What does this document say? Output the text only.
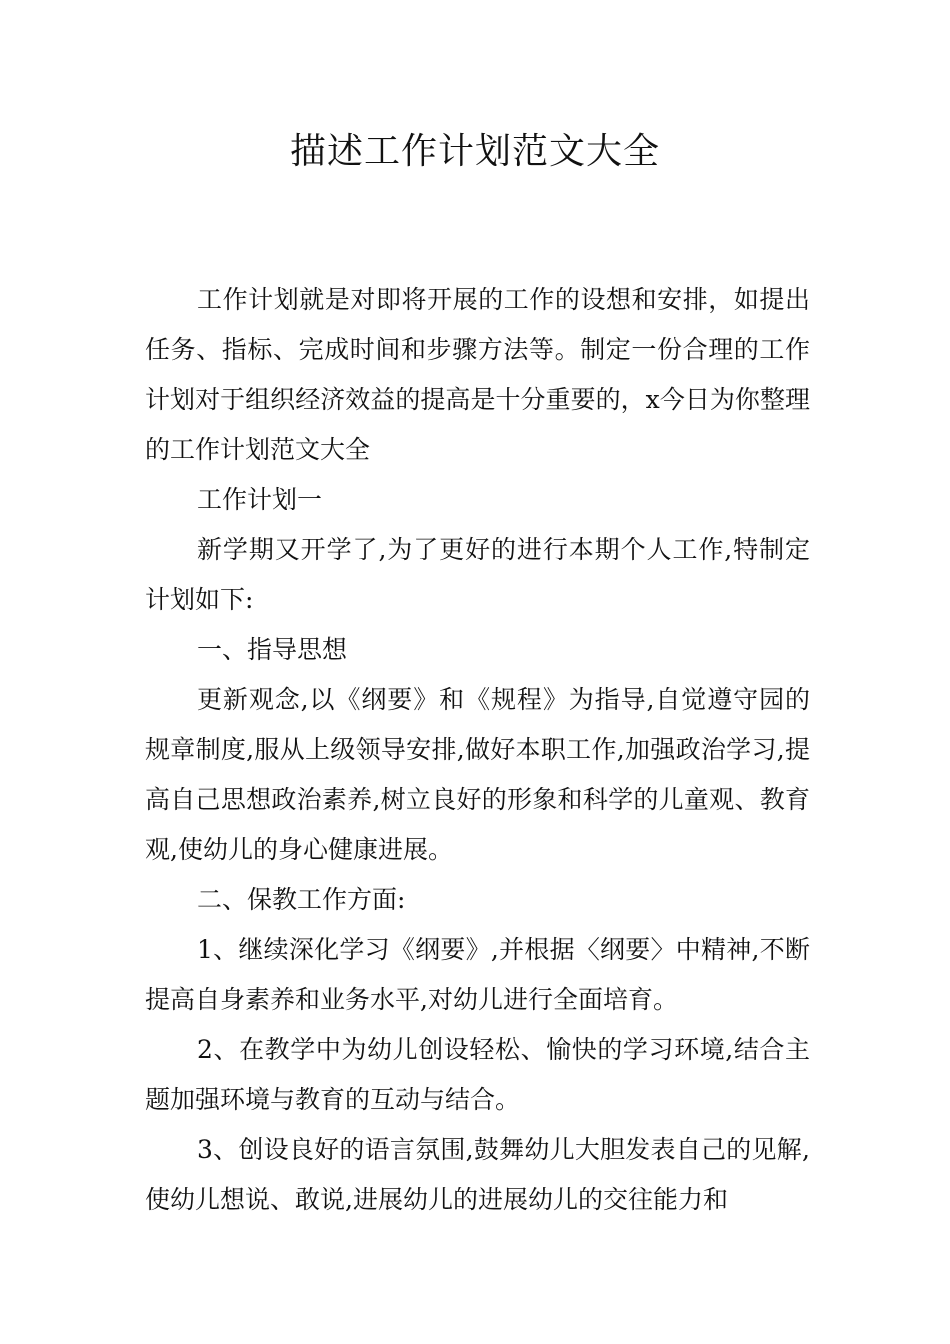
描述工作计划范文大全

工作计划就是对即将开展的工作的设想和安排，如提出任务、指标、完成时间和步骤方法等。制定一份合理的工作计划对于组织经济效益的提高是十分重要的，x今日为你整理的工作计划范文大全

工作计划一

新学期又开学了,为了更好的进行本期个人工作,特制定计划如下:

一、指导思想

更新观念,以《纲要》和《规程》为指导,自觉遵守园的规章制度,服从上级领导安排,做好本职工作,加强政治学习,提高自己思想政治素养,树立良好的形象和科学的儿童观、教育观,使幼儿的身心健康进展。

二、保教工作方面:

1、继续深化学习《纲要》,并根据〈纲要〉中精神,不断提高自身素养和业务水平,对幼儿进行全面培育。

2、在教学中为幼儿创设轻松、愉快的学习环境,结合主题加强环境与教育的互动与结合。

3、创设良好的语言氛围,鼓舞幼儿大胆发表自己的见解,使幼儿想说、敢说,进展幼儿的进展幼儿的交往能力和
